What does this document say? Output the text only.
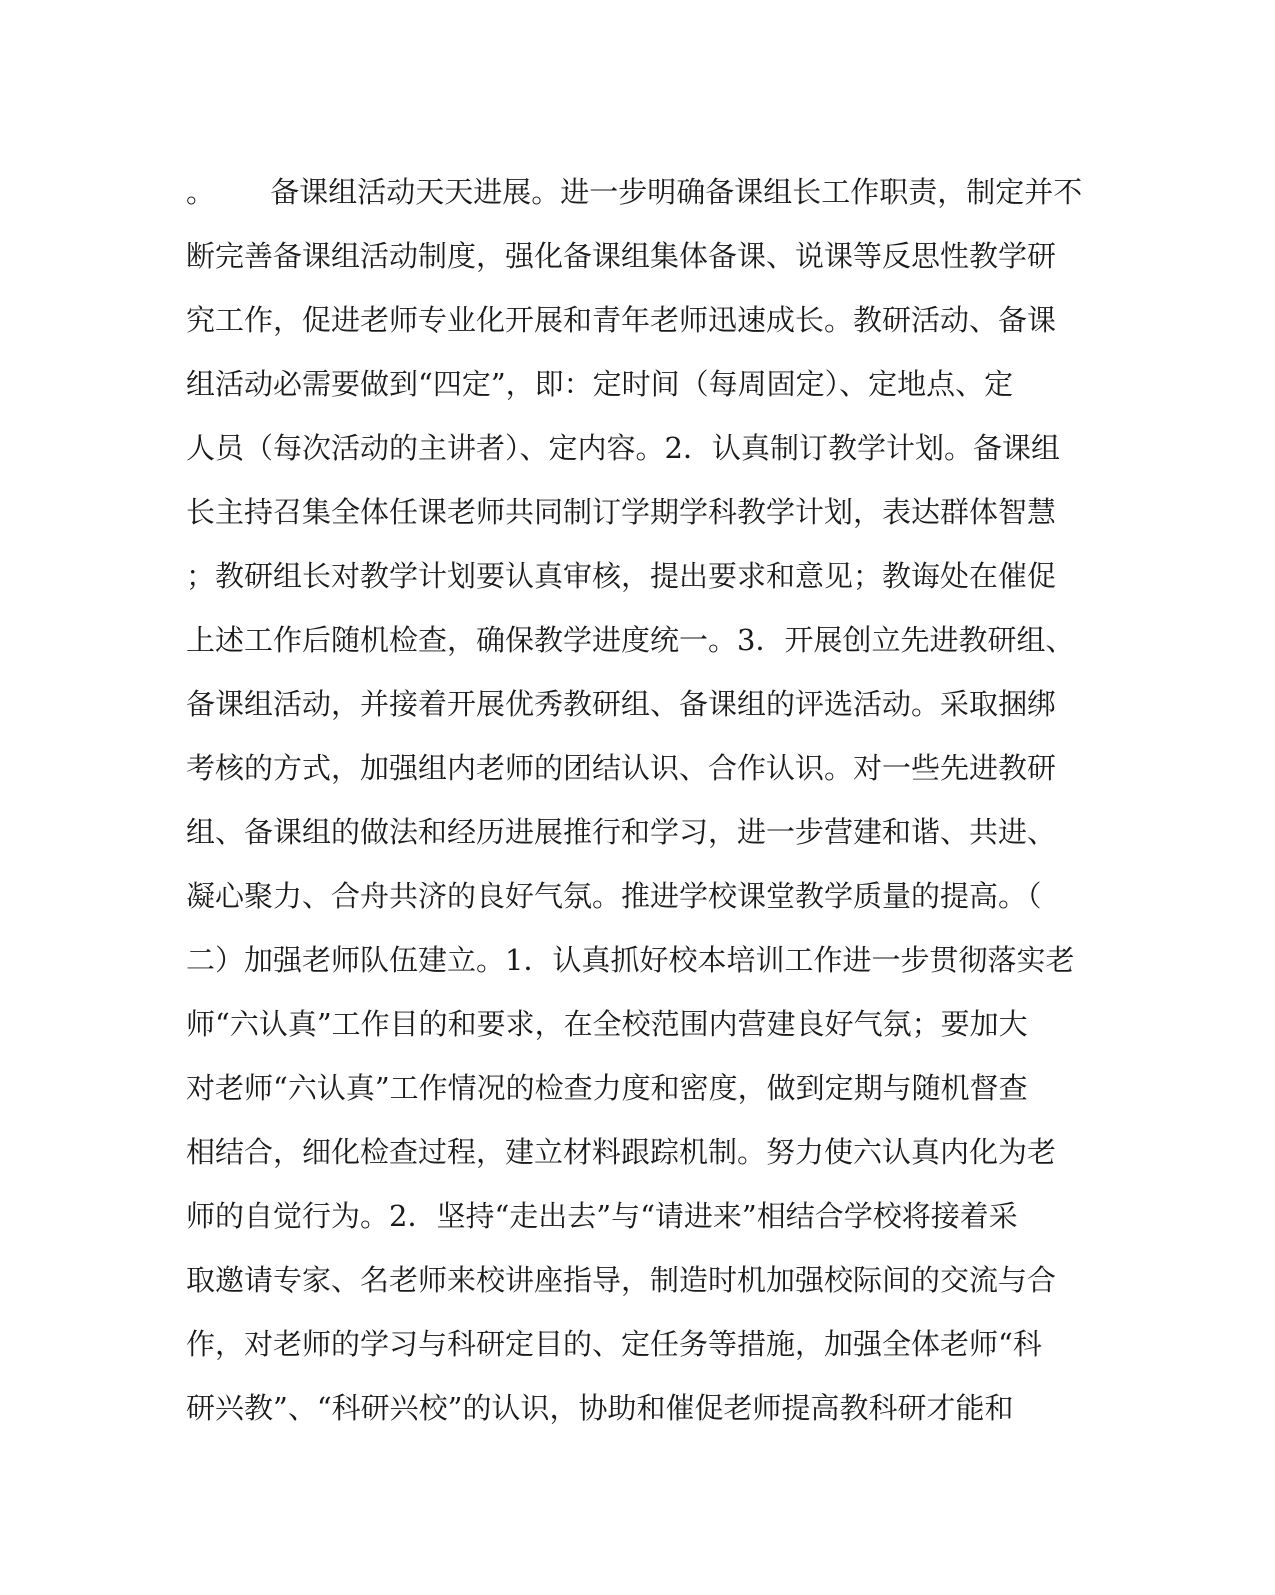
。      备课组活动天天进展。进一步明确备课组长工作职责，制定并不
断完善备课组活动制度，强化备课组集体备课、说课等反思性教学研
究工作，促进老师专业化开展和青年老师迅速成长。教研活动、备课
组活动必需要做到“四定”，即：定时间（每周固定）、定地点、定
人员（每次活动的主讲者）、定内容。2．认真制订教学计划。备课组
长主持召集全体任课老师共同制订学期学科教学计划，表达群体智慧
；教研组长对教学计划要认真审核，提出要求和意见；教诲处在催促
上述工作后随机检查，确保教学进度统一。3．开展创立先进教研组、
备课组活动，并接着开展优秀教研组、备课组的评选活动。采取捆绑
考核的方式，加强组内老师的团结认识、合作认识。对一些先进教研
组、备课组的做法和经历进展推行和学习，进一步营建和谐、共进、
凝心聚力、合舟共济的良好气氛。推进学校课堂教学质量的提高。（
二）加强老师队伍建立。1．认真抓好校本培训工作进一步贯彻落实老
师“六认真”工作目的和要求，在全校范围内营建良好气氛；要加大
对老师“六认真”工作情况的检查力度和密度，做到定期与随机督查
相结合，细化检查过程，建立材料跟踪机制。努力使六认真内化为老
师的自觉行为。2．坚持“走出去”与“请进来”相结合学校将接着采
取邀请专家、名老师来校讲座指导，制造时机加强校际间的交流与合
作，对老师的学习与科研定目的、定任务等措施，加强全体老师“科
研兴教”、“科研兴校”的认识，协助和催促老师提高教科研才能和
